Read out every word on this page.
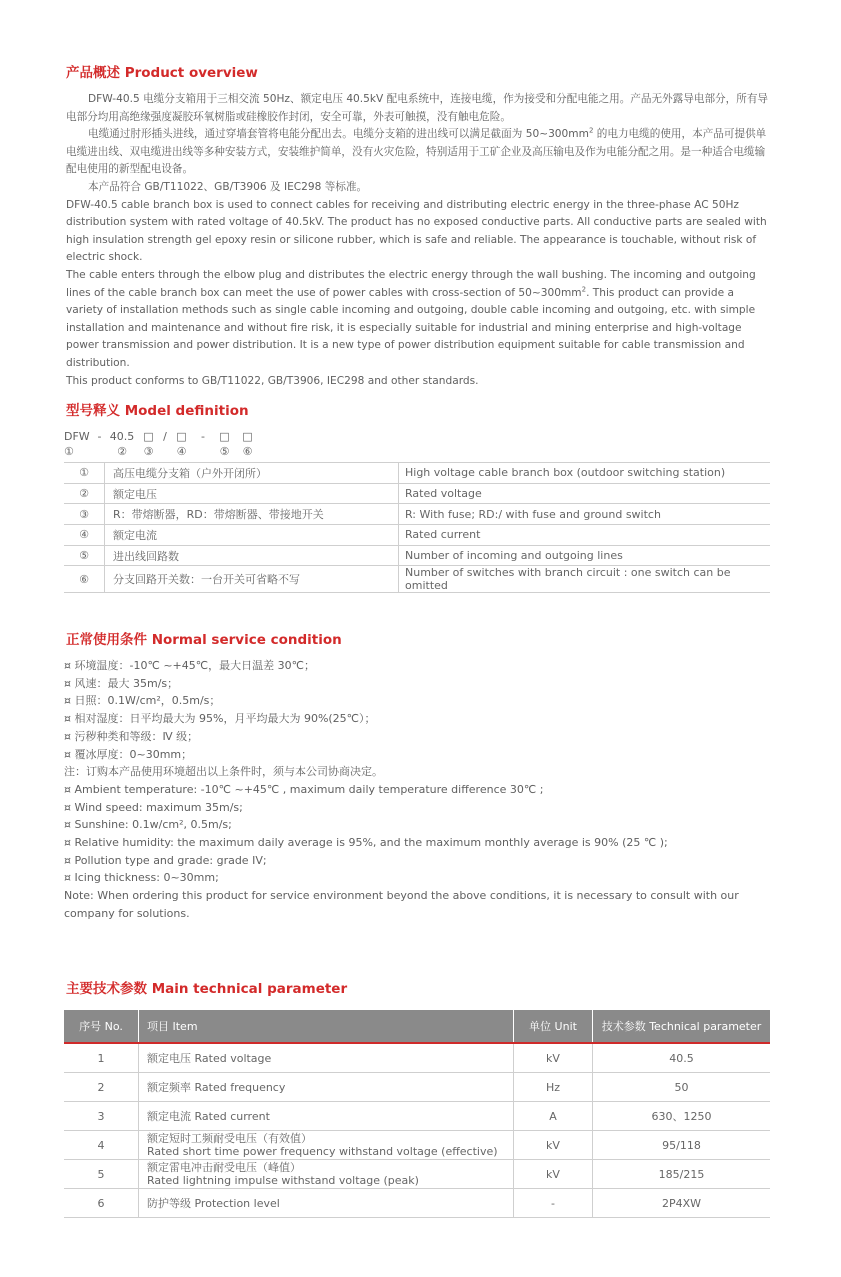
产品概述 Product overview

DFW-40.5 电缆分支箱用于三相交流 50Hz、额定电压 40.5kV 配电系统中，连接电缆，作为接受和分配电能之用。产品无外露导电部分，所有导电部分均用高绝缘强度凝胶环氧树脂或硅橡胶作封闭，安全可靠，外表可触摸，没有触电危险。

电缆通过肘形插头进线，通过穿墙套管将电能分配出去。电缆分支箱的进出线可以满足截面为 $50\sim 300mm^2$ 的电力电缆的使用，本产品可提供单电缆进出线、双电缆进出线等多种安装方式，安装维护简单，没有火灾危险，特别适用于工矿企业及高压输电及作为电能分配之用。是一种适合电缆输配电使用的新型配电设备。

本产品符合 GB/T11022、GB/T3906 及 IEC298 等标准。

DFW-40.5 cable branch box is used to connect cables for receiving and distributing electric energy in the three-phase AC 50Hz distribution system with rated voltage of 40.5kV. The product has no exposed conductive parts. All conductive parts are sealed with high insulation strength gel epoxy resin or silicone rubber, which is safe and reliable. The appearance is touchable, without risk of electric shock.

The cable enters through the elbow plug and distributes the electric energy through the wall bushing. The incoming and outgoing lines of the cable branch box can meet the use of power cables with cross-section of $50\sim 300mm^2$. This product can provide a variety of installation methods such as single cable incoming and outgoing, double cable incoming and outgoing, etc. with simple installation and maintenance and without fire risk, it is especially suitable for industrial and mining enterprise and high-voltage power transmission and power distribution. It is a new type of power distribution equipment suitable for cable transmission and distribution.

This product conforms to GB/T11022, GB/T3906, IEC298 and other standards.

型号释义 Model definition
DFW - 40.5 □ / □	-	□	□
①	②	③	④	⑤	⑥
①	高压电缆分支箱（户外开闭所）	High voltage cable branch box (outdoor switching station)
②	额定电压	Rated voltage
③	R：带熔断器，RD：带熔断器、带接地开关	R: With fuse; RD:/ with fuse and ground switch
④	额定电流	Rated current
⑤	进出线回路数	Number of incoming and outgoing lines
⑥	分支回路开关数：一台开关可省略不写	Number of switches with branch circuit : one switch can be omitted
正常使用条件 Normal service condition

¤ 环境温度：-10℃ ~+45℃，最大日温差 30℃；

¤ 风速：最大 35m/s；

¤ 日照：0.1W/cm²，0.5m/s；

¤ 相对湿度：日平均最大为 95%，月平均最大为 90%(25℃）；

¤ 污秽种类和等级：Ⅳ 级；

¤ 覆冰厚度：0~30mm；

注：订购本产品使用环境超出以上条件时，须与本公司协商决定。

¤ Ambient temperature: -10℃ ~+45℃ , maximum daily temperature difference 30℃ ;

¤ Wind speed: maximum 35m/s;

¤ Sunshine: 0.1w/cm², 0.5m/s;

¤ Relative humidity: the maximum daily average is 95%, and the maximum monthly average is 90% (25 ℃ );

¤ Pollution type and grade: grade IV;

¤ Icing thickness: 0~30mm;

Note: When ordering this product for service environment beyond the above conditions, it is necessary to consult with our company for solutions.

主要技术参数 Main technical parameter
序号 No.	项目 Item	单位 Unit	技术参数 Technical parameter
1	额定电压 Rated voltage	kV	40.5
2	额定频率 Rated frequency	Hz	50
3	额定电流 Rated current	A	630、1250
4	额定短时工频耐受电压（有效值）
Rated short time power frequency withstand voltage (effective)	kV	95/118
5	额定雷电冲击耐受电压（峰值）
Rated lightning impulse withstand voltage (peak)	kV	185/215
6	防护等级 Protection level	-	2P4XW
